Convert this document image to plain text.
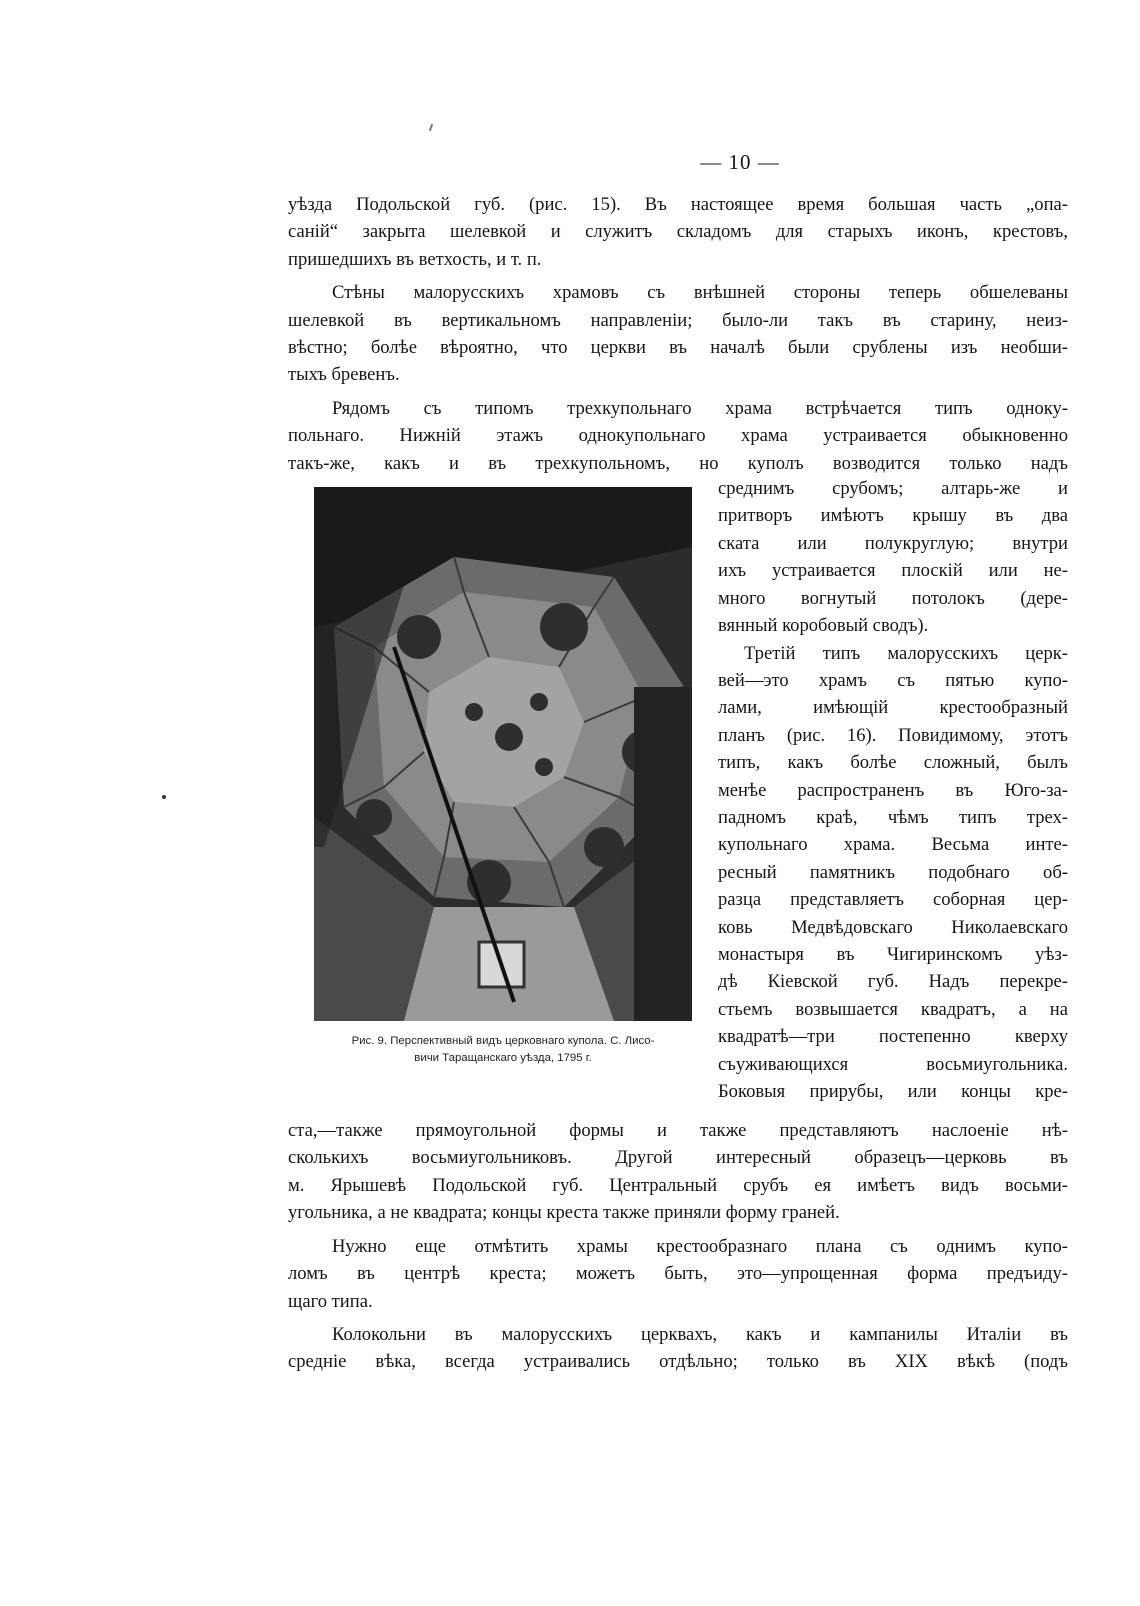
— 10 —

уѣзда Подольской губ. (рис. 15). Въ настоящее время большая часть „опа-

саній“ закрыта шелевкой и служитъ складомъ для старыхъ иконъ, крестовъ,

пришедшихъ въ ветхость, и т. п.

Стѣны малорусскихъ храмовъ съ внѣшней стороны теперь обшелеваны

шелевкой въ вертикальномъ направленіи; было-ли такъ въ старину, неиз-

вѣстно; болѣе вѣроятно, что церкви въ началѣ были срублены изъ необши-

тыхъ бревенъ.

Рядомъ съ типомъ трехкупольнаго храма встрѣчается типъ одноку-

польнаго. Нижній этажъ однокупольнаго храма устраивается обыкновенно

такъ-же, какъ и въ трехкупольномъ, но куполъ возводится только надъ

Рис. 9. Перспективный видъ церковнаго купола. С. Лисо-
вичи Таращанскаго уѣзда, 1795 г.

среднимъ срубомъ; алтарь-же и

притворъ имѣютъ крышу въ два

ската или полукруглую; внутри

ихъ устраивается плоскій или не-

много вогнутый потолокъ (дере-

вянный коробовый сводъ).

Третій типъ малорусскихъ церк-

вей—это храмъ съ пятью купо-

лами, имѣющій крестообразный

планъ (рис. 16). Повидимому, этотъ

типъ, какъ болѣе сложный, былъ

менѣе распространенъ въ Юго-за-

падномъ краѣ, чѣмъ типъ трех-

купольнаго храма. Весьма инте-

ресный памятникъ подобнаго об-

разца представляетъ соборная цер-

ковь Медвѣдовскаго Николаевскаго

монастыря въ Чигиринскомъ уѣз-

дѣ Кіевской губ. Надъ перекре-

стьемъ возвышается квадратъ, а на

квадратѣ—три постепенно кверху

съуживающихся восьмиугольника.

Боковыя прирубы, или концы кре-

ста,—также прямоугольной формы и также представляютъ наслоеніе нѣ-

сколькихъ восьмиугольниковъ. Другой интересный образецъ—церковь въ

м. Ярышевѣ Подольской губ. Центральный срубъ ея имѣетъ видъ восьми-

угольника, а не квадрата; концы креста также приняли форму граней.

Нужно еще отмѣтить храмы крестообразнаго плана съ однимъ купо-

ломъ въ центрѣ креста; можетъ быть, это—упрощенная форма предъиду-

щаго типа.

Колокольни въ малорусскихъ церквахъ, какъ и кампанилы Италіи въ

средніе вѣка, всегда устраивались отдѣльно; только въ XIX вѣкѣ (подъ
